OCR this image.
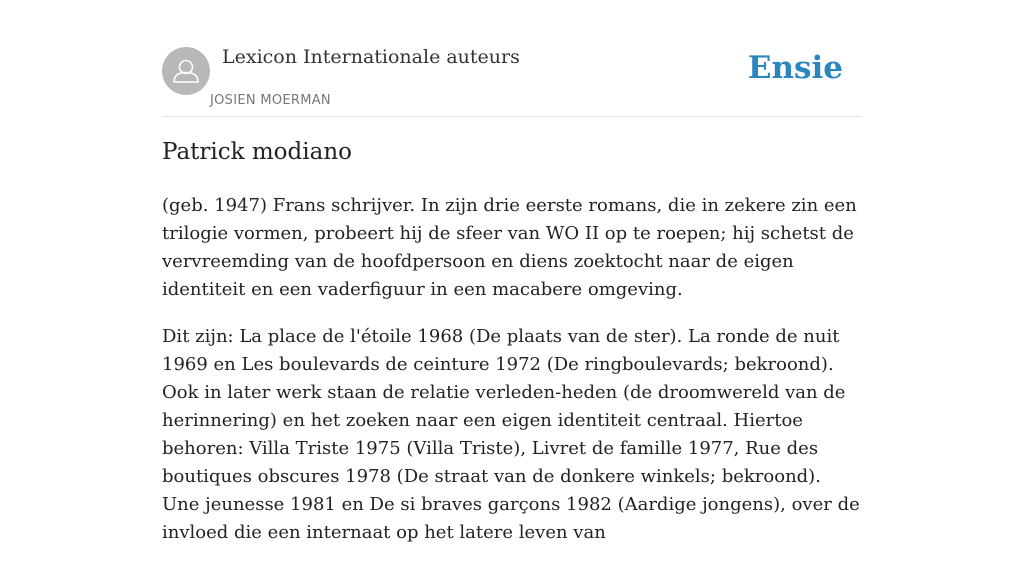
Lexicon Internationale auteurs
JOSIEN MOERMAN
Ensie
Patrick modiano

(geb. 1947) Frans schrijver. In zijn drie eerste romans, die in zekere zin een trilogie vormen, probeert hij de sfeer van WO II op te roepen; hij schetst de vervreemding van de hoofdpersoon en diens zoektocht naar de eigen identiteit en een vaderfiguur in een macabere omgeving.

Dit zijn: La place de l'étoile 1968 (De plaats van de ster). La ronde de nuit 1969 en Les boulevards de ceinture 1972 (De ringboulevards; bekroond). Ook in later werk staan de relatie verleden-heden (de droomwereld van de herinnering) en het zoeken naar een eigen identiteit centraal. Hiertoe behoren: Villa Triste 1975 (Villa Triste), Livret de famille 1977, Rue des boutiques obscures 1978 (De straat van de donkere winkels; bekroond). Une jeunesse 1981 en De si braves garçons 1982 (Aardige jongens), over de invloed die een internaat op het latere leven van
